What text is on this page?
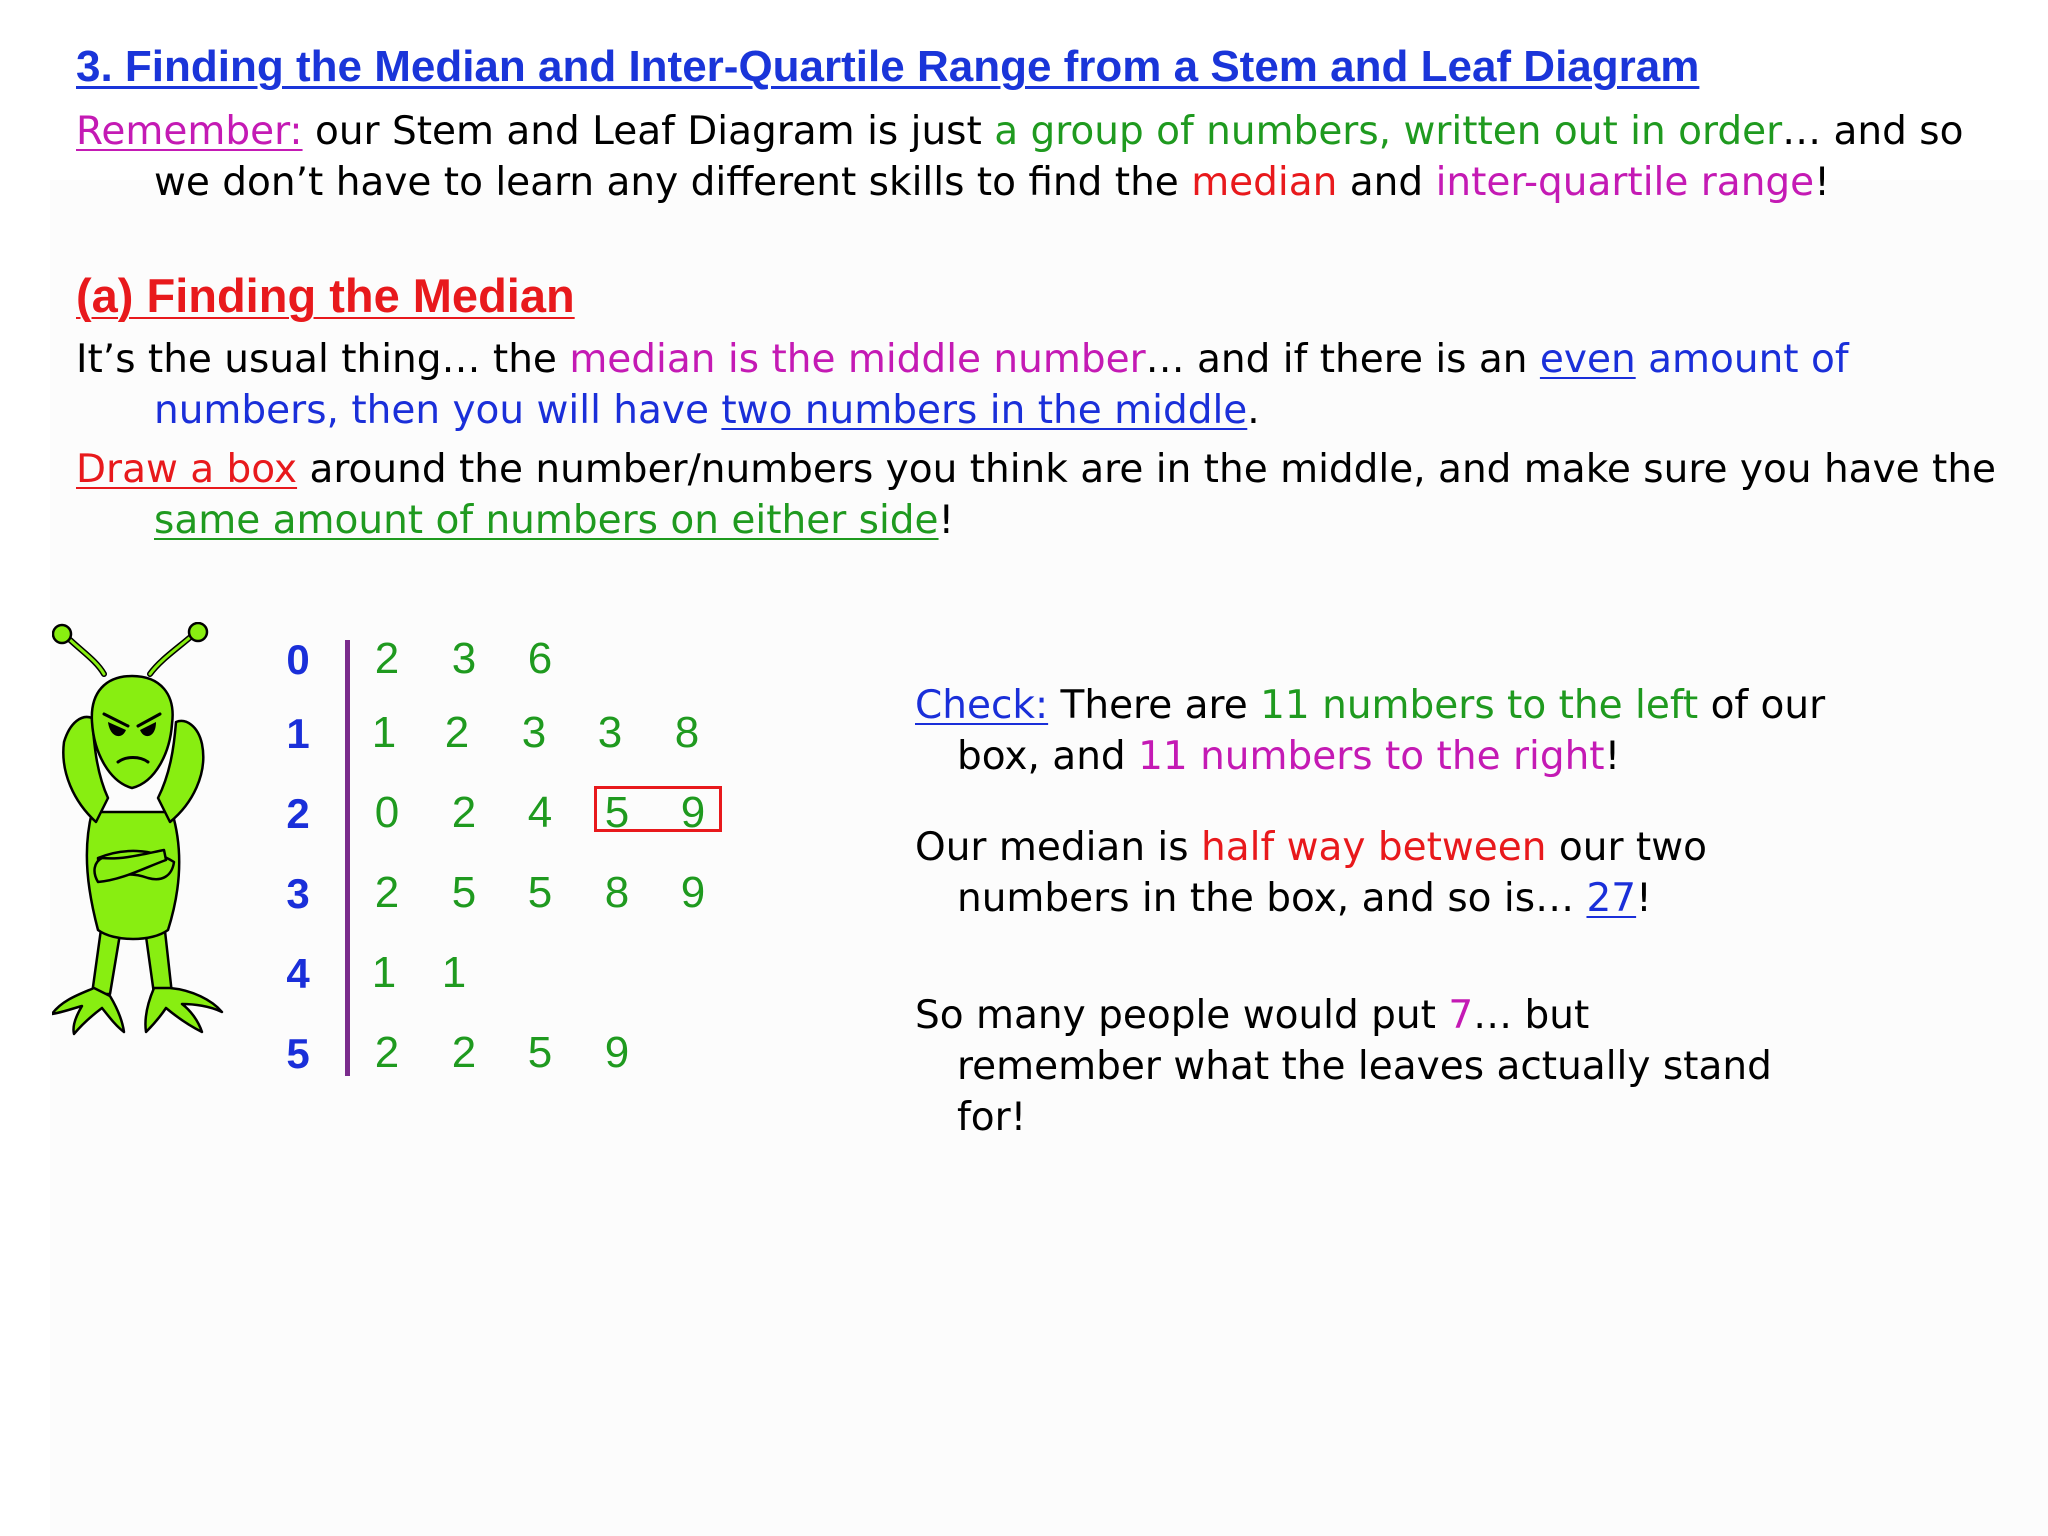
3. Finding the Median and Inter-Quartile Range from a Stem and Leaf Diagram

Remember: our Stem and Leaf Diagram is just a group of numbers, written out in order… and so we don’t have to learn any different skills to find the median and inter-quartile range!

(a) Finding the Median

It’s the usual thing… the median is the middle number… and if there is an even amount of numbers, then you will have two numbers in the middle.

Draw a box around the number/numbers you think are in the middle, and make sure you have the same amount of numbers on either side!

0	2 3 6
1	1 2 3 3 8
2	0 2 4 5 9
3	2 5 5 8 9
4	1 1
5	2 2 5 9

Check: There are 11 numbers to the left of our box, and 11 numbers to the right!

Our median is half way between our two numbers in the box, and so is… 27!

So many people would put 7… but remember what the leaves actually stand for!
